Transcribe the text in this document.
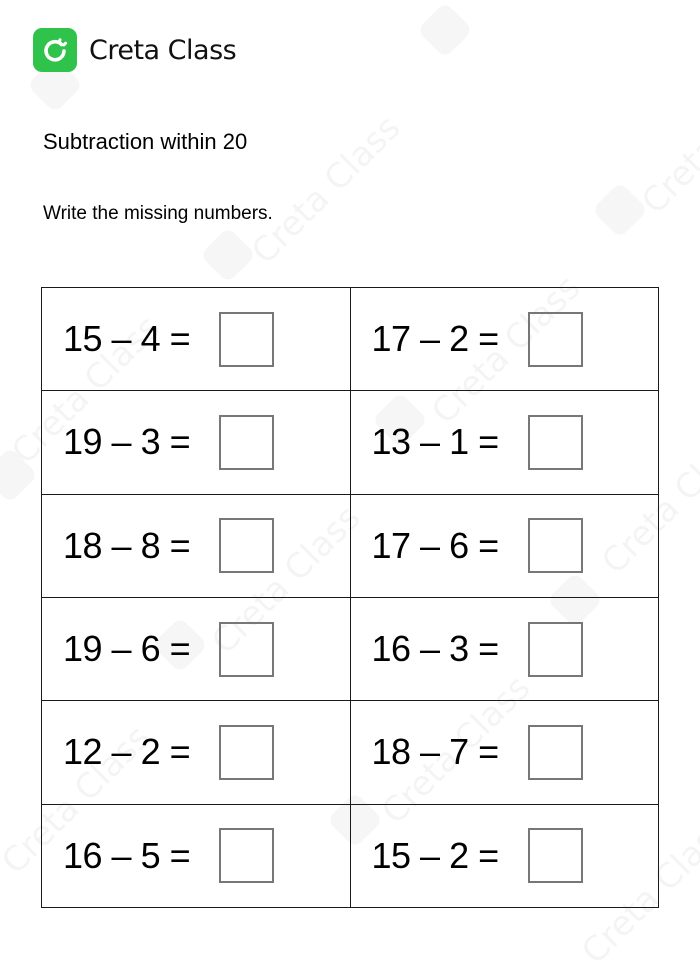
Creta Class
Subtraction within 20
Write the missing numbers.
15 – 4 =	17 – 2 =

19 – 3 =	13 – 1 =

18 – 8 =	17 – 6 =

19 – 6 =	16 – 3 =

12 – 2 =	18 – 7 =

16 – 5 =	15 – 2 =
